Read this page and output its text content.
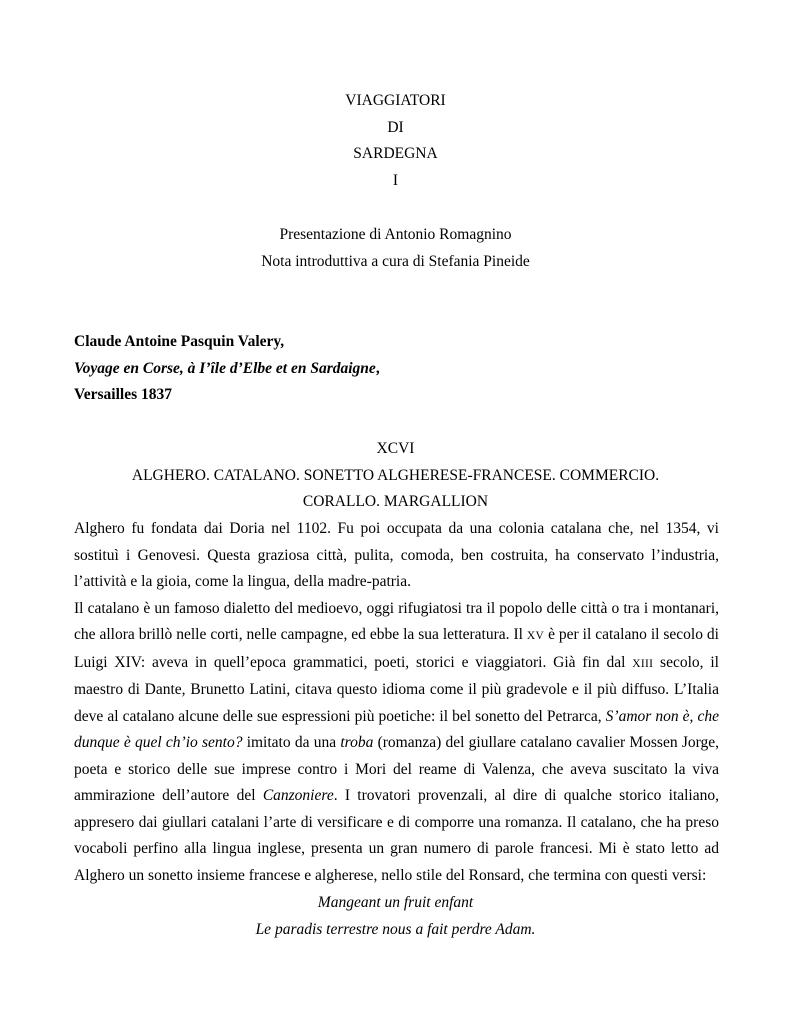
VIAGGIATORI
DI
SARDEGNA
I
Presentazione di Antonio Romagnino
Nota introduttiva a cura di Stefania Pineide
Claude Antoine Pasquin Valery,
Voyage en Corse, à I’île d’Elbe et en Sardaigne,
Versailles 1837
XCVI
ALGHERO. CATALANO. SONETTO ALGHERESE-FRANCESE. COMMERCIO.
CORALLO. MARGALLION

Alghero fu fondata dai Doria nel 1102. Fu poi occupata da una colonia catalana che, nel 1354, vi sostituì i Genovesi. Questa graziosa città, pulita, comoda, ben costruita, ha conservato l’industria, l’attività e la gioia, come la lingua, della madre-patria.

Il catalano è un famoso dialetto del medioevo, oggi rifugiatosi tra il popolo delle città o tra i montanari, che allora brillò nelle corti, nelle campagne, ed ebbe la sua letteratura. Il XV è per il catalano il secolo di Luigi XIV: aveva in quell’epoca grammatici, poeti, storici e viaggiatori. Già fin dal XIII secolo, il maestro di Dante, Brunetto Latini, citava questo idioma come il più gradevole e il più diffuso. L’Italia deve al catalano alcune delle sue espressioni più poetiche: il bel sonetto del Petrarca, S’amor non è, che dunque è quel ch’io sento? imitato da una troba (romanza) del giullare catalano cavalier Mossen Jorge, poeta e storico delle sue imprese contro i Mori del reame di Valenza, che aveva suscitato la viva ammirazione dell’autore del Canzoniere. I trovatori provenzali, al dire di qualche storico italiano, appresero dai giullari catalani l’arte di versificare e di comporre una romanza. Il catalano, che ha preso vocaboli perfino alla lingua inglese, presenta un gran numero di parole francesi. Mi è stato letto ad Alghero un sonetto insieme francese e algherese, nello stile del Ronsard, che termina con questi versi:

Mangeant un fruit enfant
Le paradis terrestre nous a fait perdre Adam.
